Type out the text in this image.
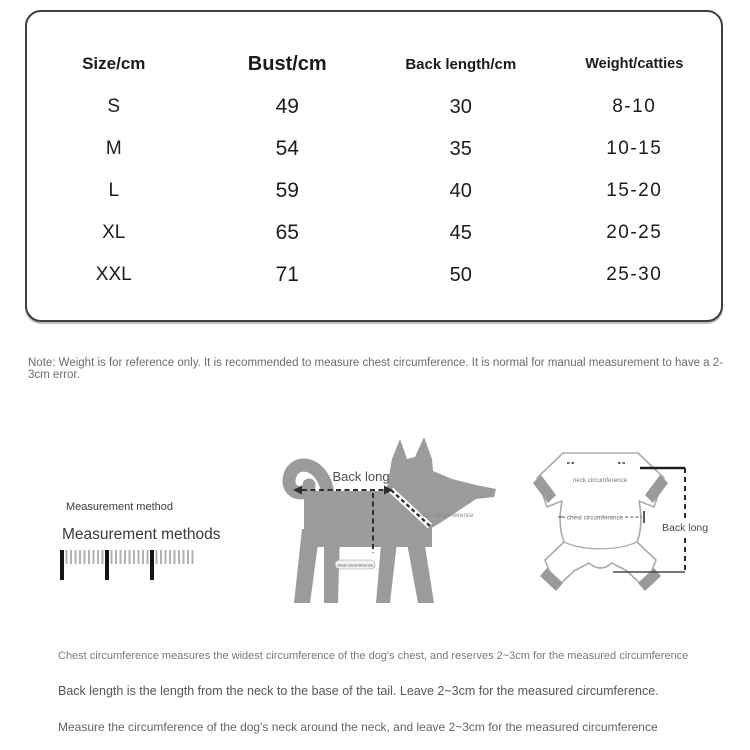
Size/cm	Bust/cm	Back length/cm	Weight/catties
S	49	30	8-10
M	54	35	10-15
L	59	40	15-20
XL	65	45	20-25
XXL	71	50	25-30
Note: Weight is for reference only. It is recommended to measure chest circumference. It is normal for manual measurement to have a 2-3cm error.
Measurement method
Measurement methods
Back long
neck circumference
chest circumference
neck circumference
chest circumference
Back long
Chest circumference measures the widest circumference of the dog's chest, and reserves 2~3cm for the measured circumference
Back length is the length from the neck to the base of the tail. Leave 2~3cm for the measured circumference.
Measure the circumference of the dog's neck around the neck, and leave 2~3cm for the measured circumference
